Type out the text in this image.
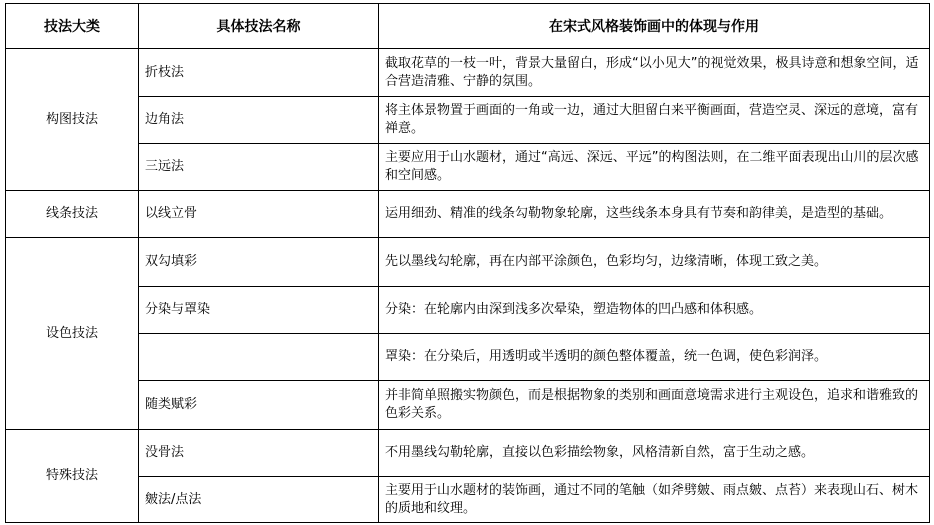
技法大类	具体技法名称	在宋式风格装饰画中的体现与作用
构图技法	折枝法	截取花草的一枝一叶，背景大量留白，形成“以小见大”的视觉效果，极具诗意和想象空间，适合营造清雅、宁静的氛围。
	边角法	将主体景物置于画面的一角或一边，通过大胆留白来平衡画面，营造空灵、深远的意境，富有禅意。
	三远法	主要应用于山水题材，通过“高远、深远、平远”的构图法则，在二维平面表现出山川的层次感和空间感。
线条技法	以线立骨	运用细劲、精准的线条勾勒物象轮廓，这些线条本身具有节奏和韵律美，是造型的基础。
设色技法	双勾填彩	先以墨线勾轮廓，再在内部平涂颜色，色彩均匀，边缘清晰，体现工致之美。
	分染与罩染	分染：在轮廓内由深到浅多次晕染，塑造物体的凹凸感和体积感。
		罩染：在分染后，用透明或半透明的颜色整体覆盖，统一色调，使色彩润泽。
	随类赋彩	并非简单照搬实物颜色，而是根据物象的类别和画面意境需求进行主观设色，追求和谐雅致的色彩关系。
特殊技法	没骨法	不用墨线勾勒轮廓，直接以色彩描绘物象，风格清新自然，富于生动之感。
	皴法/点法	主要用于山水题材的装饰画，通过不同的笔触（如斧劈皴、雨点皴、点苔）来表现山石、树木的质地和纹理。
